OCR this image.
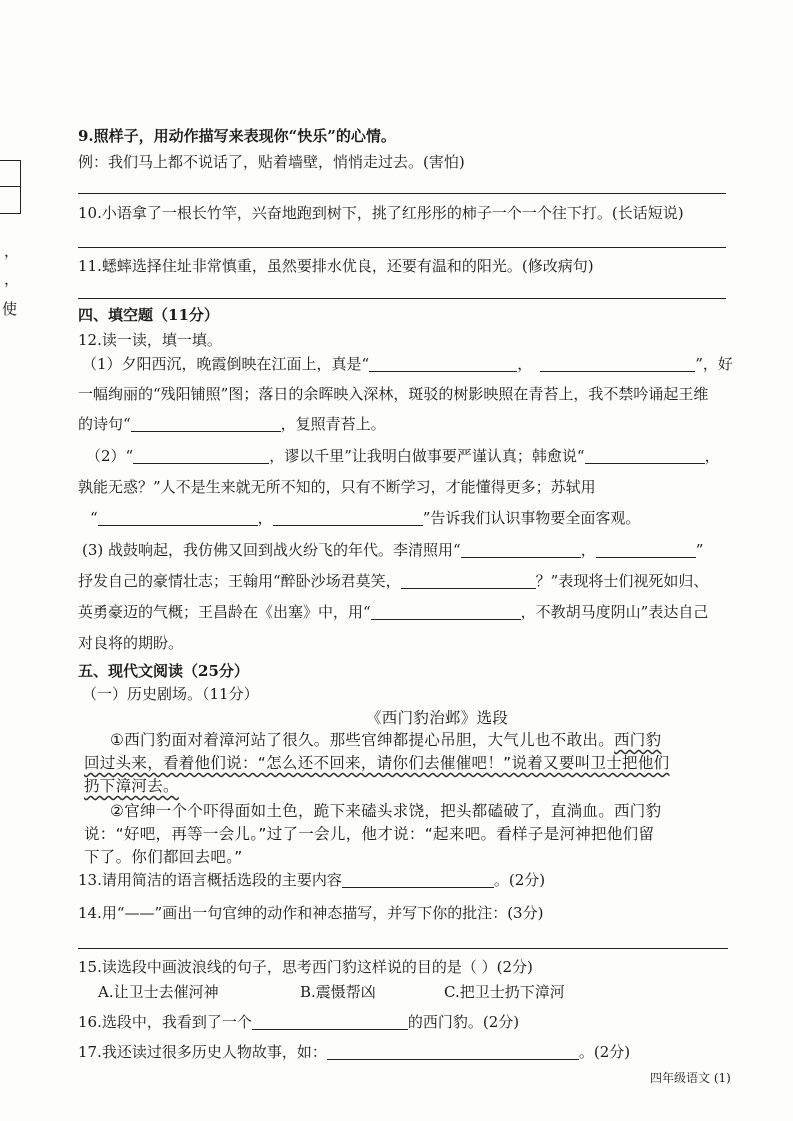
，
，
使
9.照样子，用动作描写来表现你“快乐”的心情。
例：我们马上都不说话了，贴着墙壁，悄悄走过去。(害怕)
10.小语拿了一根长竹竿，兴奋地跑到树下，挑了红彤彤的柿子一个一个往下打。(长话短说)
11.蟋蟀选择住址非常慎重，虽然要排水优良，还要有温和的阳光。(修改病句)
四、填空题（11分）
12.读一读，填一填。
（1）夕阳西沉，晚霞倒映在江面上，真是“	，	”，好
一幅绚丽的“残阳铺照”图；落日的余晖映入深林，斑驳的树影映照在青苔上，我不禁吟诵起王维
的诗句“	，复照青苔上。
（2）“	，谬以千里”让我明白做事要严谨认真；韩愈说“	，
孰能无惑？”人不是生来就无所不知的，只有不断学习，才能懂得更多；苏轼用
“	，	”告诉我们认识事物要全面客观。
(3) 战鼓响起，我仿佛又回到战火纷飞的年代。李清照用“	，	”
抒发自己的豪情壮志；王翰用“醉卧沙场君莫笑，	？”表现将士们视死如归、
英勇豪迈的气概；王昌龄在《出塞》中，用“	，不教胡马度阴山”表达自己
对良将的期盼。
五、现代文阅读（25分）
（一）历史剧场。（11分）
《西门豹治邺》选段
①西门豹面对着漳河站了很久。那些官绅都提心吊胆，大气儿也不敢出。西门豹
回过头来，看着他们说：“怎么还不回来，请你们去催催吧！”说着又要叫卫士把他们
扔下漳河去。
②官绅一个个吓得面如土色，跪下来磕头求饶，把头都磕破了，直淌血。西门豹
说：“好吧，再等一会儿。”过了一会儿，他才说：“起来吧。看样子是河神把他们留
下了。你们都回去吧。”
13.请用简洁的语言概括选段的主要内容	。(2分)
14.用“——”画出一句官绅的动作和神态描写，并写下你的批注：(3分)
15.读选段中画波浪线的句子，思考西门豹这样说的目的是（ ）(2分)
A.让卫士去催河神	B.震慑帮凶	C.把卫士扔下漳河
16.选段中，我看到了一个	的西门豹。(2分)
17.我还读过很多历史人物故事，如：	。(2分)
四年级语文 (1)
